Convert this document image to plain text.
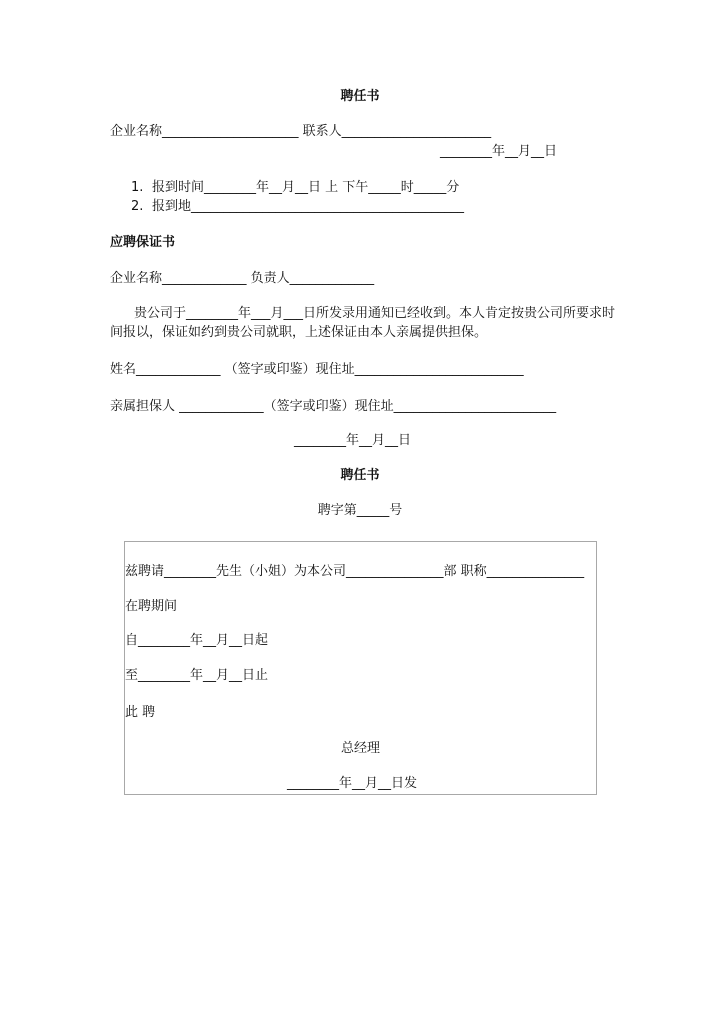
聘任书
企业名称_____________________ 联系人_______________________
________年__月__日
1. 报到时间________年__月__日 上 下午_____时_____分
2. 报到地__________________________________________
应聘保证书
企业名称_____________ 负责人_____________
贵公司于________年___月___日所发录用通知已经收到。本人肯定按贵公司所要求时
间报以，保证如约到贵公司就职，上述保证由本人亲属提供担保。
姓名_____________ （签字或印鉴）现住址__________________________
亲属担保人 _____________（签字或印鉴）现住址_________________________
________年__月__日
聘任书
聘字第_____号
兹聘请________先生（小姐）为本公司_______________部 职称_______________
在聘期间
自________年__月__日起
至________年__月__日止
此 聘
总经理
________年__月__日发
